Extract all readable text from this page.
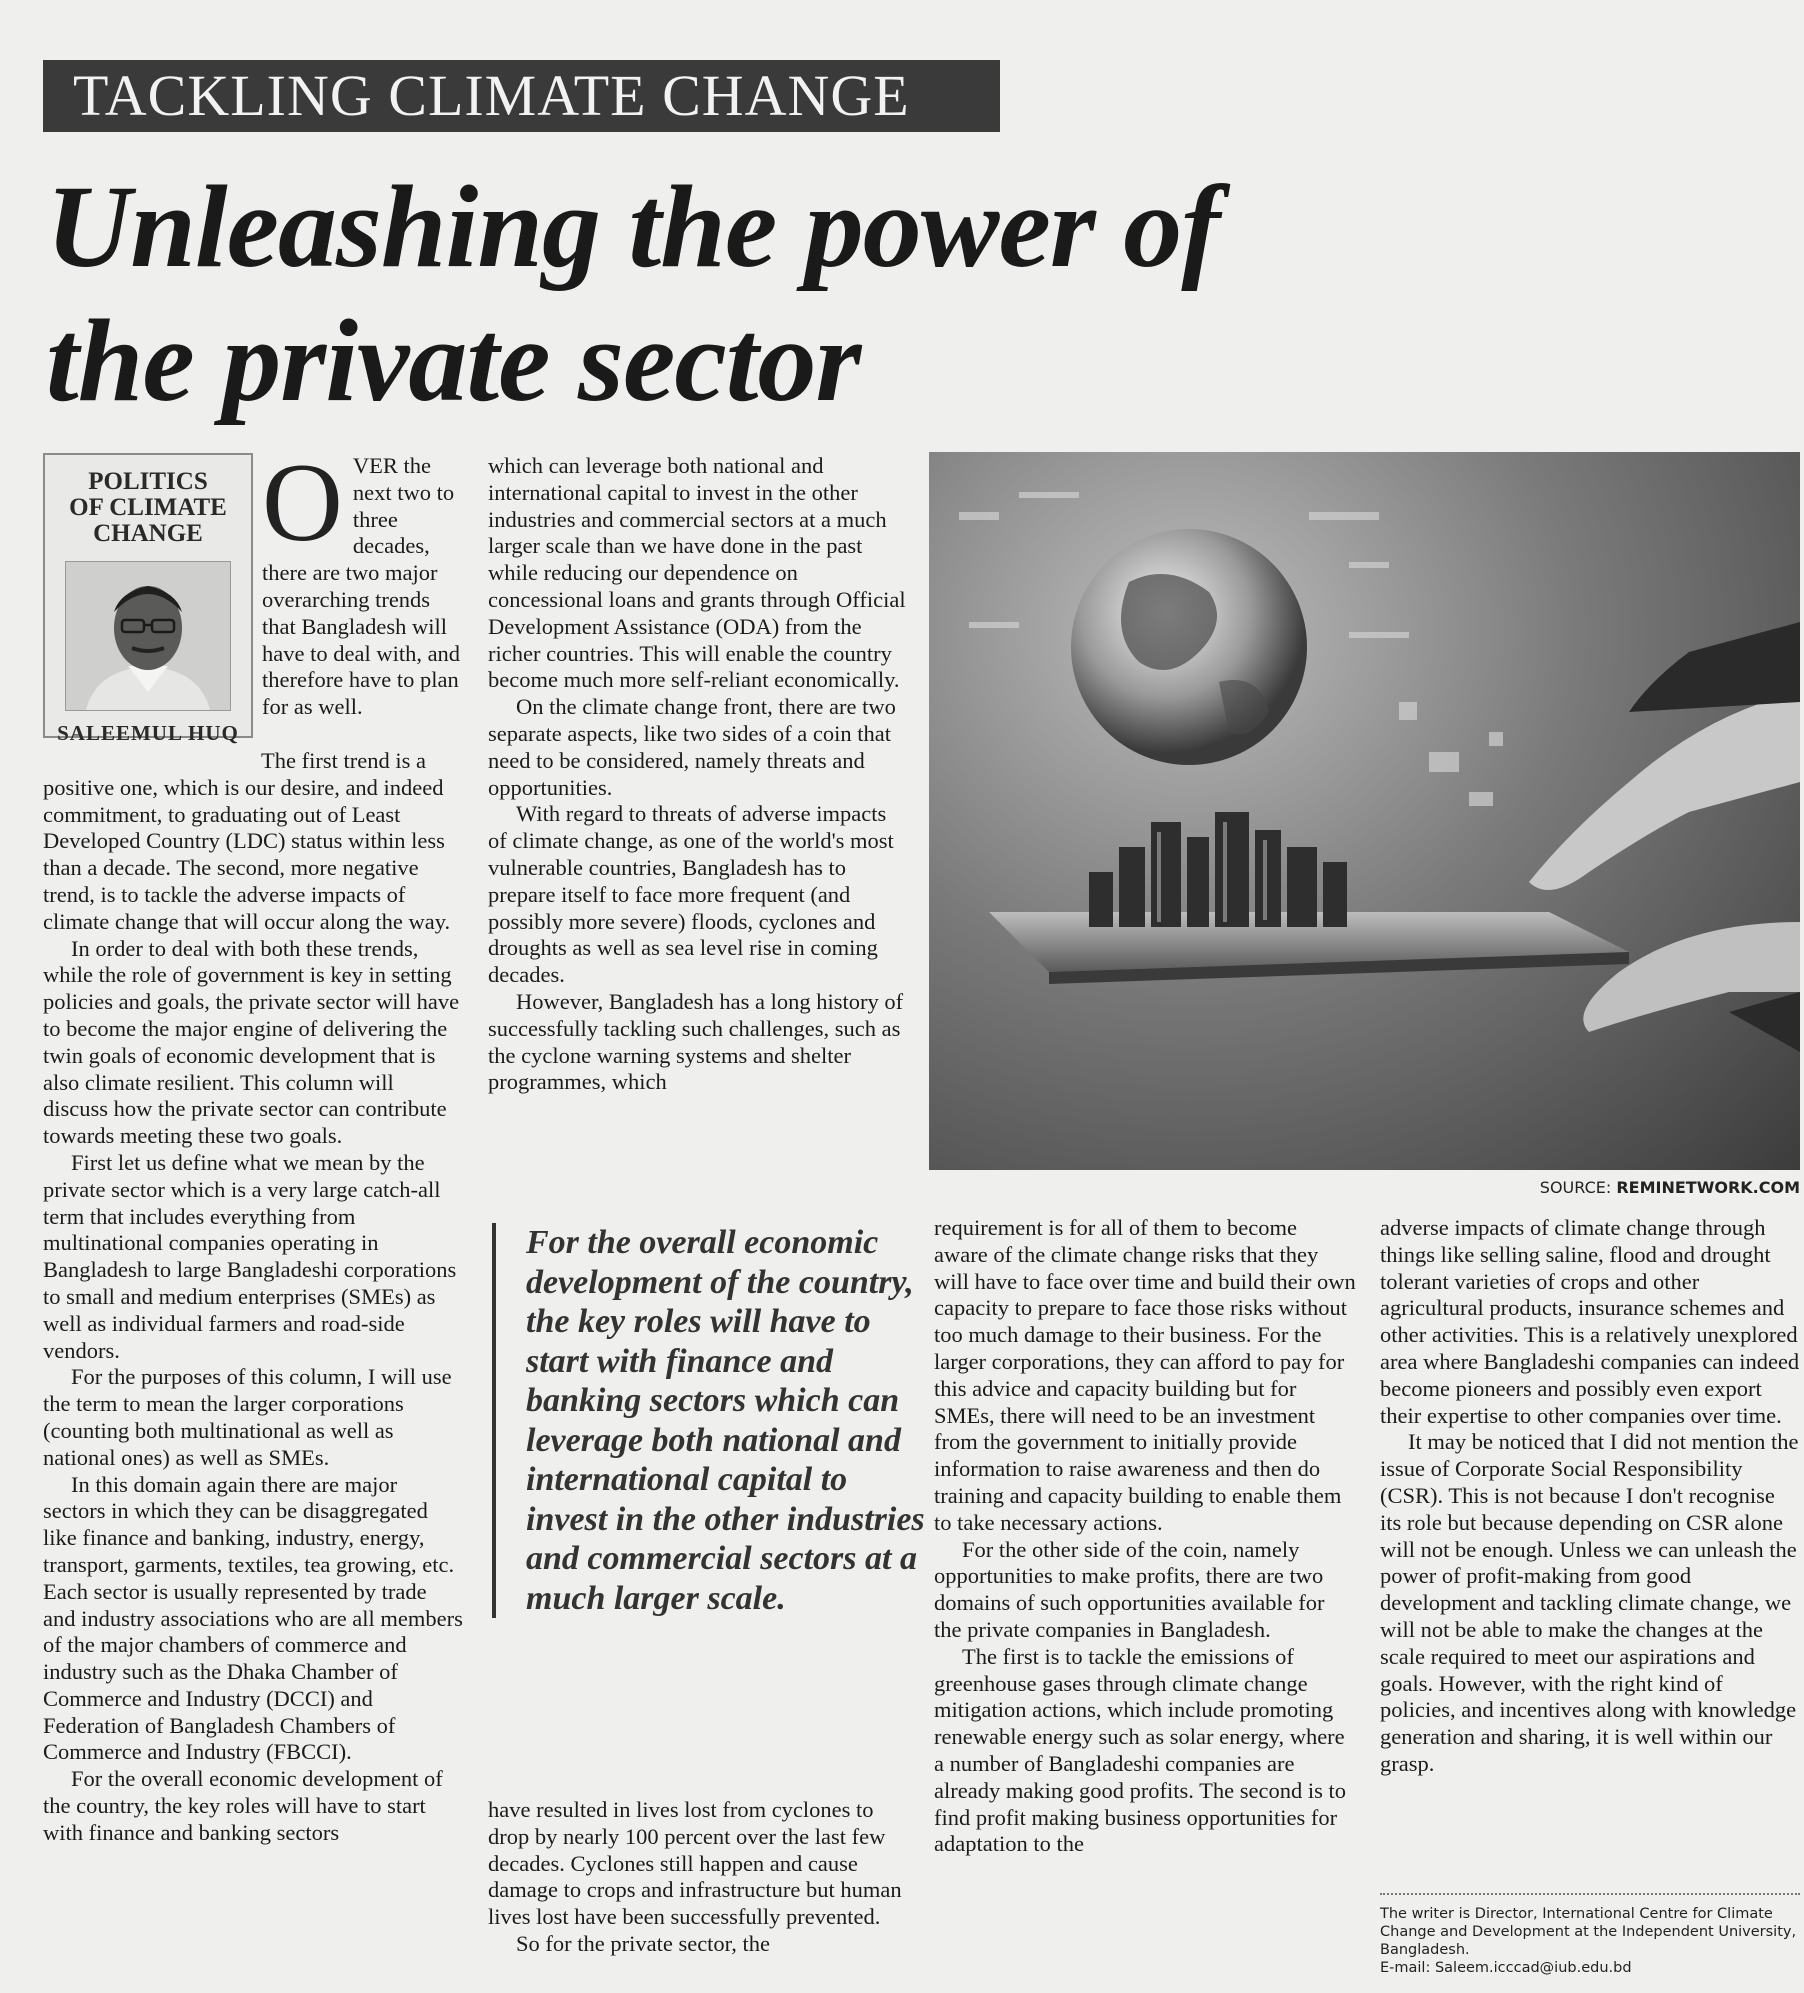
TACKLING CLIMATE CHANGE
Unleashing the power of the private sector
POLITICS
OF CLIMATE
CHANGE
SALEEMUL HUQ
OVER the next two to three decades, there are two major overarching trends that Bangladesh will have to deal with, and therefore have to plan for as well.

The first trend is a positive one, which is our desire, and indeed commitment, to graduating out of Least Developed Country (LDC) status within less than a decade. The second, more negative trend, is to tackle the adverse impacts of climate change that will occur along the way.

In order to deal with both these trends, while the role of government is key in setting policies and goals, the private sector will have to become the major engine of delivering the twin goals of economic development that is also climate resilient. This column will discuss how the private sector can contribute towards meeting these two goals.

First let us define what we mean by the private sector which is a very large catch-all term that includes everything from multinational companies operating in Bangladesh to large Bangladeshi corporations to small and medium enterprises (SMEs) as well as individual farmers and road-side vendors.

For the purposes of this column, I will use the term to mean the larger corporations (counting both multinational as well as national ones) as well as SMEs.

In this domain again there are major sectors in which they can be disaggregated like finance and banking, industry, energy, transport, garments, textiles, tea growing, etc. Each sector is usually represented by trade and industry associations who are all members of the major chambers of commerce and industry such as the Dhaka Chamber of Commerce and Industry (DCCI) and Federation of Bangladesh Chambers of Commerce and Industry (FBCCI).

For the overall economic development of the country, the key roles will have to start with finance and banking sectors

which can leverage both national and international capital to invest in the other industries and commercial sectors at a much larger scale than we have done in the past while reducing our dependence on concessional loans and grants through Official Development Assistance (ODA) from the richer countries. This will enable the country become much more self-reliant economically.

On the climate change front, there are two separate aspects, like two sides of a coin that need to be considered, namely threats and opportunities.

With regard to threats of adverse impacts of climate change, as one of the world's most vulnerable countries, Bangladesh has to prepare itself to face more frequent (and possibly more severe) floods, cyclones and droughts as well as sea level rise in coming decades.

However, Bangladesh has a long history of successfully tackling such challenges, such as the cyclone warning systems and shelter programmes, which

For the overall economic development of the country, the key roles will have to start with finance and banking sectors which can leverage both national and international capital to invest in the other industries and commercial sectors at a much larger scale.

have resulted in lives lost from cyclones to drop by nearly 100 percent over the last few decades. Cyclones still happen and cause damage to crops and infrastructure but human lives lost have been successfully prevented.

So for the private sector, the

SOURCE: REMINETWORK.COM

requirement is for all of them to become aware of the climate change risks that they will have to face over time and build their own capacity to prepare to face those risks without too much damage to their business. For the larger corporations, they can afford to pay for this advice and capacity building but for SMEs, there will need to be an investment from the government to initially provide information to raise awareness and then do training and capacity building to enable them to take necessary actions.

For the other side of the coin, namely opportunities to make profits, there are two domains of such opportunities available for the private companies in Bangladesh.

The first is to tackle the emissions of greenhouse gases through climate change mitigation actions, which include promoting renewable energy such as solar energy, where a number of Bangladeshi companies are already making good profits. The second is to find profit making business opportunities for adaptation to the

adverse impacts of climate change through things like selling saline, flood and drought tolerant varieties of crops and other agricultural products, insurance schemes and other activities. This is a relatively unexplored area where Bangladeshi companies can indeed become pioneers and possibly even export their expertise to other companies over time.

It may be noticed that I did not mention the issue of Corporate Social Responsibility (CSR). This is not because I don't recognise its role but because depending on CSR alone will not be enough. Unless we can unleash the power of profit-making from good development and tackling climate change, we will not be able to make the changes at the scale required to meet our aspirations and goals. However, with the right kind of policies, and incentives along with knowledge generation and sharing, it is well within our grasp.

The writer is Director, International Centre for Climate Change and Development at the Independent University, Bangladesh.
E-mail: Saleem.icccad@iub.edu.bd
